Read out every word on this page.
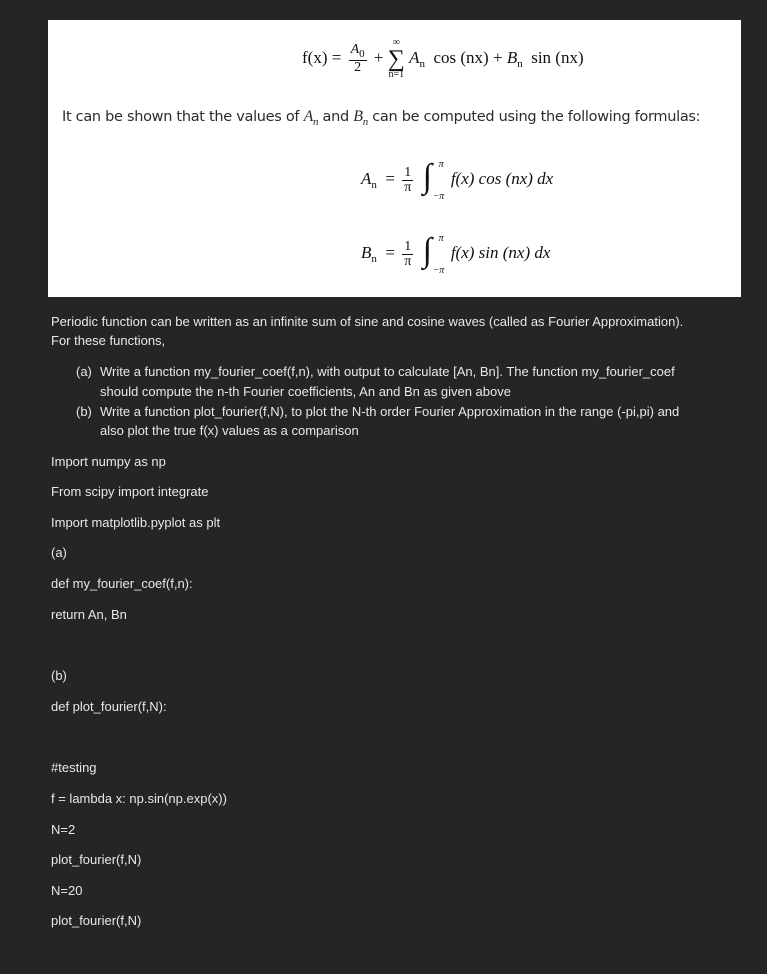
$f(x) = \frac{A_0}{2}$ +
∞
∑
n=1
$A_n$ $\cos (nx) + B_n$ sin (nx)
It can be shown that the values of $A_n$ and $B_n$ can be computed using the following formulas:
$A_n = \frac{1}{\pi}$
∫ π
−π
f(x) cos (nx) dx
$B_n = \frac{1}{\pi}$
∫ π
−π
f(x) sin (nx) dx
Periodic function can be written as an infinite sum of sine and cosine waves (called as Fourier Approximation).
For these functions,
(a) Write a function my_fourier_coef(f,n), with output to calculate [An, Bn]. The function my_fourier_coef
should compute the n-th Fourier coefficients, An and Bn as given above
(b) Write a function plot_fourier(f,N), to plot the N-th order Fourier Approximation in the range (-pi,pi) and
also plot the true f(x) values as a comparison
Import numpy as np
From scipy import integrate
Import matplotlib.pyplot as plt
(a)
def my_fourier_coef(f,n):
return An, Bn
(b)
def plot_fourier(f,N):
#testing
f = lambda x: np.sin(np.exp(x))
N=2
plot_fourier(f,N)
N=20
plot_fourier(f,N)
